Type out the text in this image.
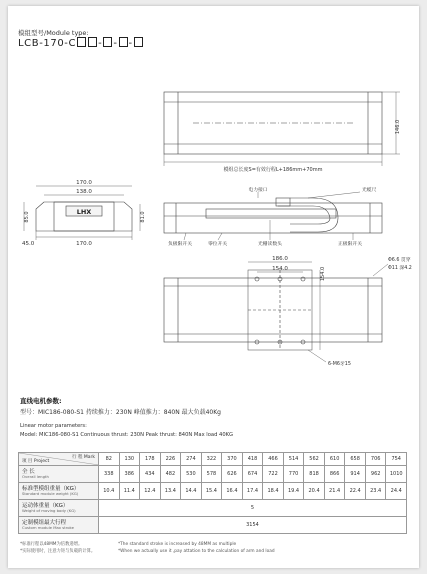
模组型号/Module type:
LCB-170-C - - -
146.0
模组总长度S=有效行程L+186mm+70mm
170.0
138.0
170.0
45.0
85.0	81.0
LHX
电力接口	光缆尺
负极限开关	零位开关	光栅读数头	正极限开关
186.0
154.0	154.0
Φ6.6 贯穿
Φ11 深4.2
6-M6牙15
直线电机参数:
型号：MIC186-080-S1 持续推力：230N 峰值推力：840N 最大负载40Kg
Linear motor parameters:
Model: MIC186-080-S1 Continuous thrust: 230N Peak thrust: 840N Max load 40KG
行 程 Mark
项 目 Project	82	130	178	226	274	322	370	418	466	514	562	610	658	706	754

全 长
Overall length	338	386	434	482	530	578	626	674	722	770	818	866	914	962	1010

标准型模组重量（KG）
Standard module weight (KG)	10.4	11.4	12.4	13.4	14.4	15.4	16.4	17.4	18.4	19.4	20.4	21.4	22.4	23.4	24.4

运动体重量（KG）
Weight of moving body (KG)	5														

定制模组最大行程
Custom module Max stroke	3154														
*标准行程以48MM为倍数递增。
*实际使用时，注意力矩与负载的计算。
*The standard stroke is increased by 48MM as multiple
*When we actually use it ,pay attation to the calculation of arm and load
